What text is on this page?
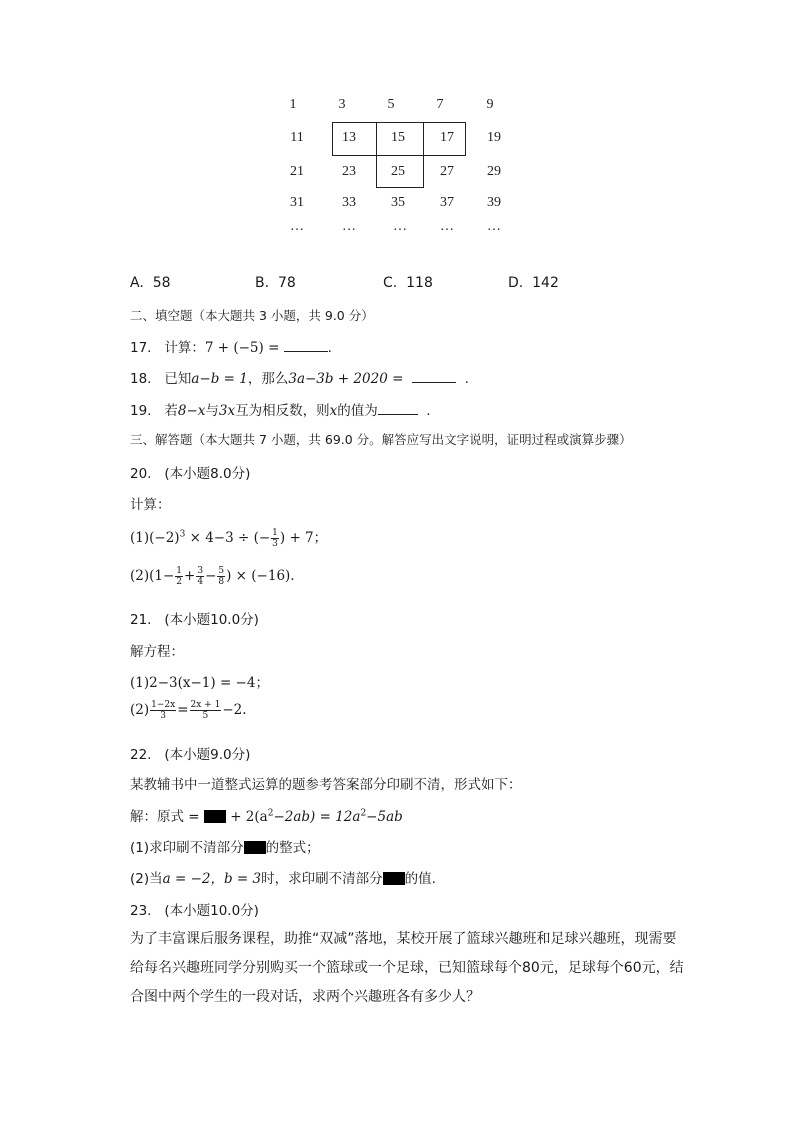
1	3	5	7	9
11	13	15	17	19
21	23	25	27	29
31	33	35	37	39
…	…	…	…	…
A. 58	B. 78	C. 118	D. 142
二、填空题（本大题共 3 小题，共 9.0 分）
17. 计算：7 + (−5) =	.
18. 已知a−b = 1，那么3a−3b + 2020 =	.
19. 若8−x与3x互为相反数，则x的值为	.
三、解答题（本大题共 7 小题，共 69.0 分。解答应写出文字说明，证明过程或演算步骤）
20. (本小题8.0分)
计算：
$(1)(-2)^3 \times 4-3$ ÷ (− $\frac{1}{3}$ ) + 7；
$(2)(1- \frac{1}{2} + \frac{3}{4} - \frac{5}{8}$ ) × (−16).
21. (本小题10.0分)
解方程：
(1)2−3(x−1) = −4；
$(2) \frac{1-2x}{3} = \frac{2x + 1}{5} -2$.
22. (本小题9.0分)
某教辅书中一道整式运算的题参考答案部分印刷不清，形式如下：
解：原式 =  + $2(a^2-2ab) = 12a^2-5ab$
(1)求印刷不清部分 的整式；
(2)当a = −2，b = 3时，求印刷不清部分 的值.
23. (本小题10.0分)
为了丰富课后服务课程，助推“双减”落地，某校开展了篮球兴趣班和足球兴趣班，现需要给每名兴趣班同学分别购买一个篮球或一个足球，已知篮球每个80元，足球每个60元，结合图中两个学生的一段对话，求两个兴趣班各有多少人？
